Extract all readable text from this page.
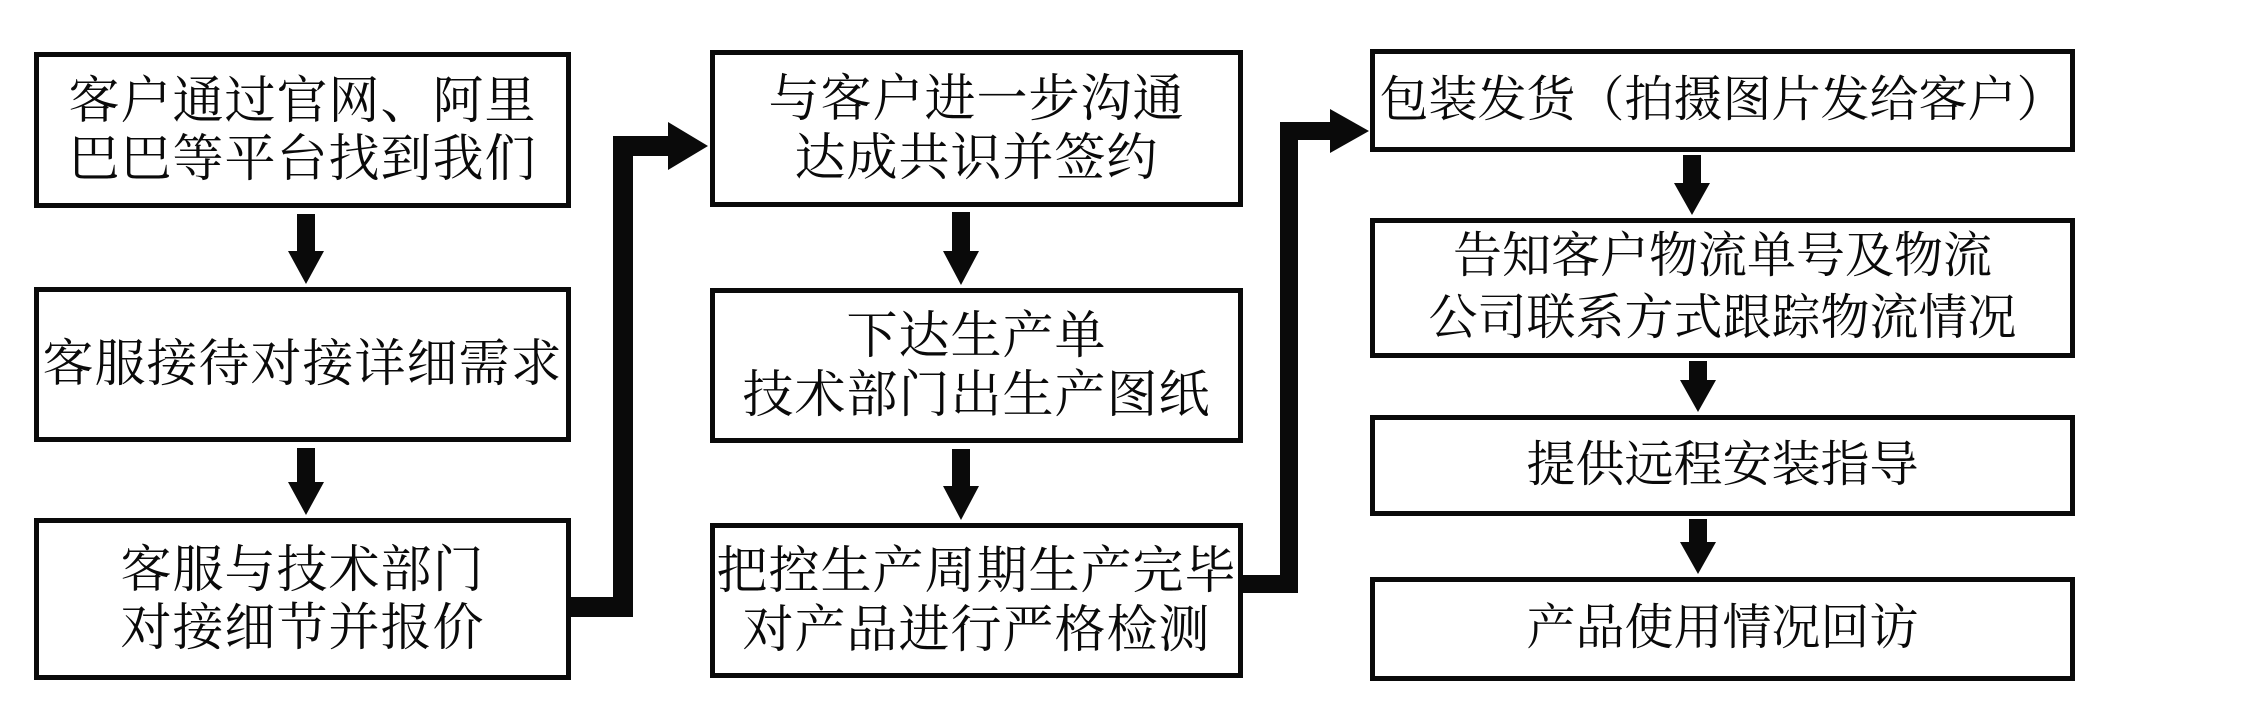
客户通过官网、阿里
巴巴等平台找到我们
客服接待对接详细需求
客服与技术部门
对接细节并报价
与客户进一步沟通
达成共识并签约
下达生产单
技术部门出生产图纸
把控生产周期生产完毕
对产品进行严格检测
包装发货（拍摄图片发给客户）
告知客户物流单号及物流
公司联系方式跟踪物流情况
提供远程安装指导
产品使用情况回访
